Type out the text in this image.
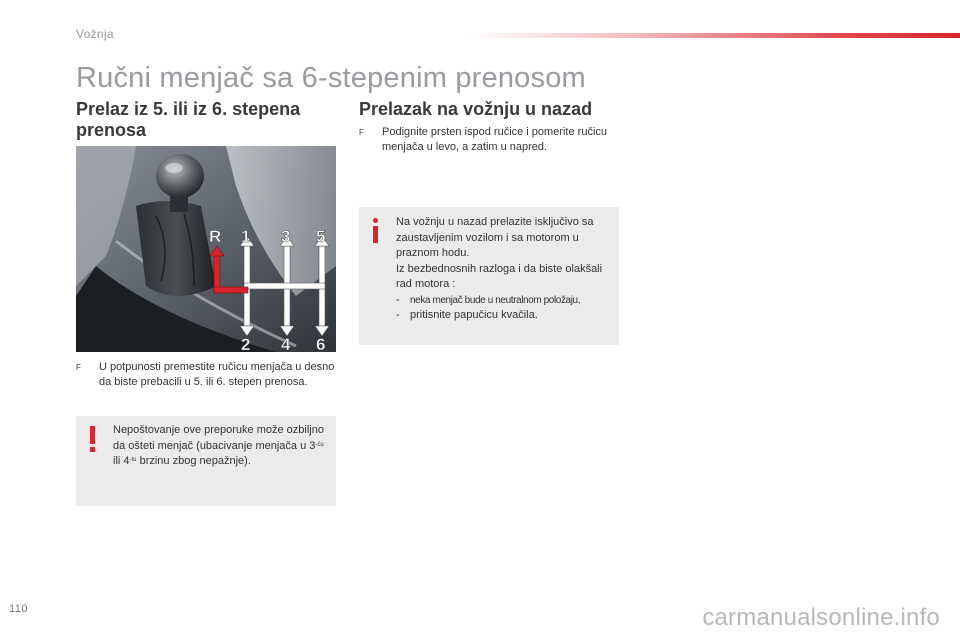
Vožnja
Ručni menjač sa 6-stepenim prenosom
Prelaz iz 5. ili iz 6. stepena prenosa
Prelazak na vožnju u nazad
R 1 3 5
2 4 6
F	U potpunosti premestite ručicu menjača u desno da biste prebacili u 5. ili 6. stepen prenosa.

Nepoštovanje ove preporuke može ozbiljno da ošteti menjač (ubacivanje menjača u $3^{-ću}$ ili $4^{-tu}$ brzinu zbog nepažnje).

F	Podignite prsten ispod ručice i pomerite ručicu menjača u levo, a zatim u napred.

Na vožnju u nazad prelazite isključivo sa zaustavljenim vozilom i sa motorom u praznom hodu.

Iz bezbednosnih razloga i da biste olakšali rad motora :

- neka menjač bude u neutralnom položaju,

- pritisnite papučicu kvačila.

110	carmanualsonline.info
